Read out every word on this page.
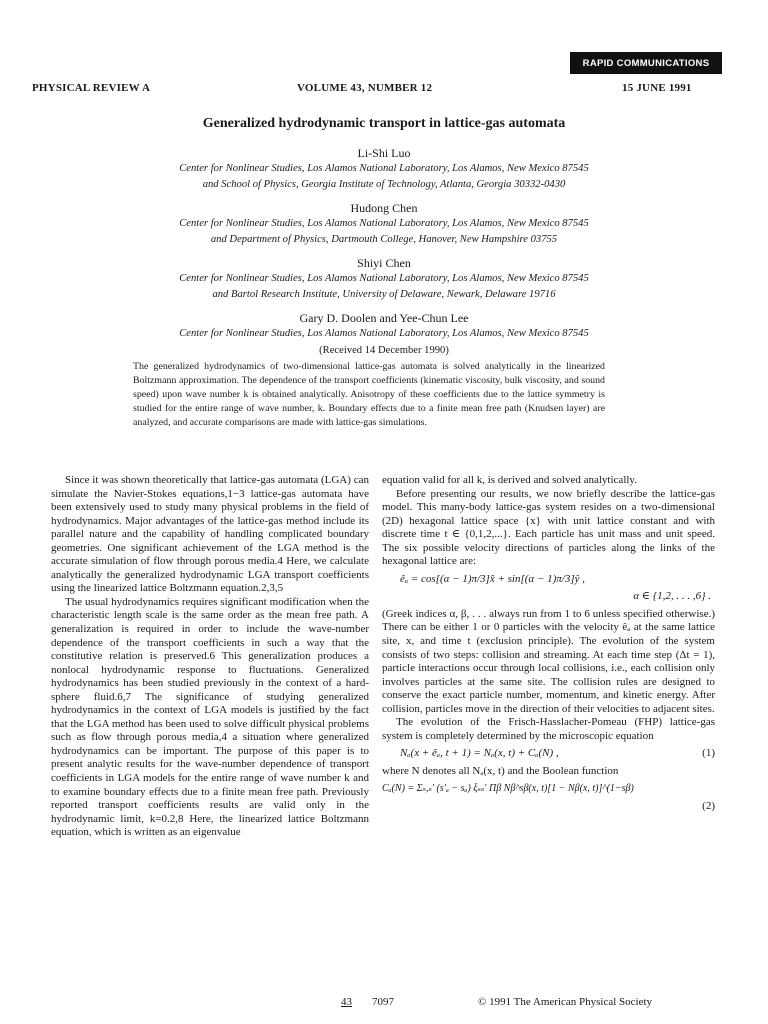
RAPID COMMUNICATIONS
PHYSICAL REVIEW A	VOLUME 43, NUMBER 12	15 JUNE 1991
Generalized hydrodynamic transport in lattice-gas automata
Li-Shi Luo
Center for Nonlinear Studies, Los Alamos National Laboratory, Los Alamos, New Mexico 87545
and School of Physics, Georgia Institute of Technology, Atlanta, Georgia 30332-0430
Hudong Chen
Center for Nonlinear Studies, Los Alamos National Laboratory, Los Alamos, New Mexico 87545
and Department of Physics, Dartmouth College, Hanover, New Hampshire 03755
Shiyi Chen
Center for Nonlinear Studies, Los Alamos National Laboratory, Los Alamos, New Mexico 87545
and Bartol Research Institute, University of Delaware, Newark, Delaware 19716
Gary D. Doolen and Yee-Chun Lee
Center for Nonlinear Studies, Los Alamos National Laboratory, Los Alamos, New Mexico 87545
(Received 14 December 1990)

The generalized hydrodynamics of two-dimensional lattice-gas automata is solved analytically in the linearized Boltzmann approximation. The dependence of the transport coefficients (kinematic viscosity, bulk viscosity, and sound speed) upon wave number k is obtained analytically. Anisotropy of these coefficients due to the lattice symmetry is studied for the entire range of wave number, k. Boundary effects due to a finite mean free path (Knudsen layer) are analyzed, and accurate comparisons are made with lattice-gas simulations.

Since it was shown theoretically that lattice-gas automata (LGA) can simulate the Navier-Stokes equations,1−3 lattice-gas automata have been extensively used to study many physical problems in the field of hydrodynamics. Major advantages of the lattice-gas method include its parallel nature and the capability of handling complicated boundary geometries. One significant achievement of the LGA method is the accurate simulation of flow through porous media.4 Here, we calculate analytically the generalized hydrodynamic LGA transport coefficients using the linearized lattice Boltzmann equation.2,3,5

The usual hydrodynamics requires significant modification when the characteristic length scale is the same order as the mean free path. A generalization is required in order to include the wave-number dependence of the transport coefficients in such a way that the constitutive relation is preserved.6 This generalization produces a nonlocal hydrodynamic response to fluctuations. Generalized hydrodynamics has been studied previously in the context of a hard-sphere fluid.6,7 The significance of studying generalized hydrodynamics in the context of LGA models is justified by the fact that the LGA method has been used to solve difficult physical problems such as flow through porous media,4 a situation where generalized hydrodynamics can be important. The purpose of this paper is to present analytic results for the wave-number dependence of transport coefficients in LGA models for the entire range of wave number k and to examine boundary effects due to a finite mean free path. Previously reported transport coefficients results are valid only in the hydrodynamic limit, k=0.2,8 Here, the linearized lattice Boltzmann equation, which is written as an eigenvalue

equation valid for all k, is derived and solved analytically.

Before presenting our results, we now briefly describe the lattice-gas model. This many-body lattice-gas system resides on a two-dimensional (2D) hexagonal lattice space {x} with unit lattice constant and with discrete time t ∈ {0,1,2,...}. Each particle has unit mass and unit speed. The six possible velocity directions of particles along the links of the hexagonal lattice are:

êₐ = cos[(α − 1)π/3]x̂ + sin[(α − 1)π/3]ŷ ,
α ∈ {1,2, . . . ,6} .

(Greek indices α, β, . . . always run from 1 to 6 unless specified otherwise.) There can be either 1 or 0 particles with the velocity êₐ at the same lattice site, x, and time t (exclusion principle). The evolution of the system consists of two steps: collision and streaming. At each time step (Δt = 1), particle interactions occur through local collisions, i.e., each collision only involves particles at the same site. The collision rules are designed to conserve the exact particle number, momentum, and kinetic energy. After collision, particles move in the direction of their velocities to adjacent sites.

The evolution of the Frisch-Hasslacher-Pomeau (FHP) lattice-gas system is completely determined by the microscopic equation

Nₐ(x + êₐ, t + 1) = Nₐ(x, t) + Cₐ(N) ,	(1)

where N denotes all Nₐ(x, t) and the Boolean function

Cₐ(N) = Σₛ,ₛ′ (s′ₐ − sₐ) ξₛₛ′ Πβ Nβ^sβ(x, t)[1 − Nβ(x, t)]^(1−sβ)
(2)
43 7097	© 1991 The American Physical Society
